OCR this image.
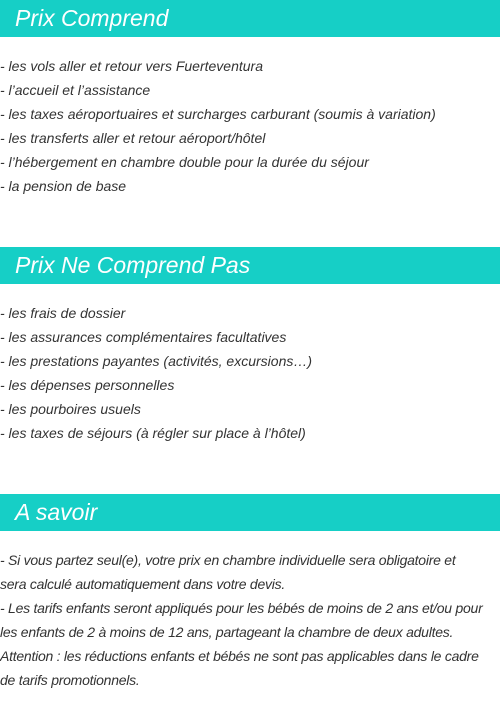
Prix Comprend
- les vols aller et retour vers Fuerteventura
- l’accueil et l’assistance
- les taxes aéroportuaires et surcharges carburant (soumis à variation)
- les transferts aller et retour aéroport/hôtel
- l’hébergement en chambre double pour la durée du séjour
- la pension de base
Prix Ne Comprend Pas
- les frais de dossier
- les assurances complémentaires facultatives
- les prestations payantes (activités, excursions…)
- les dépenses personnelles
- les pourboires usuels
- les taxes de séjours (à régler sur place à l’hôtel)
A savoir
- Si vous partez seul(e), votre prix en chambre individuelle sera obligatoire et
sera calculé automatiquement dans votre devis.
- Les tarifs enfants seront appliqués pour les bébés de moins de 2 ans et/ou pour
les enfants de 2 à moins de 12 ans, partageant la chambre de deux adultes.
Attention : les réductions enfants et bébés ne sont pas applicables dans le cadre
de tarifs promotionnels.
